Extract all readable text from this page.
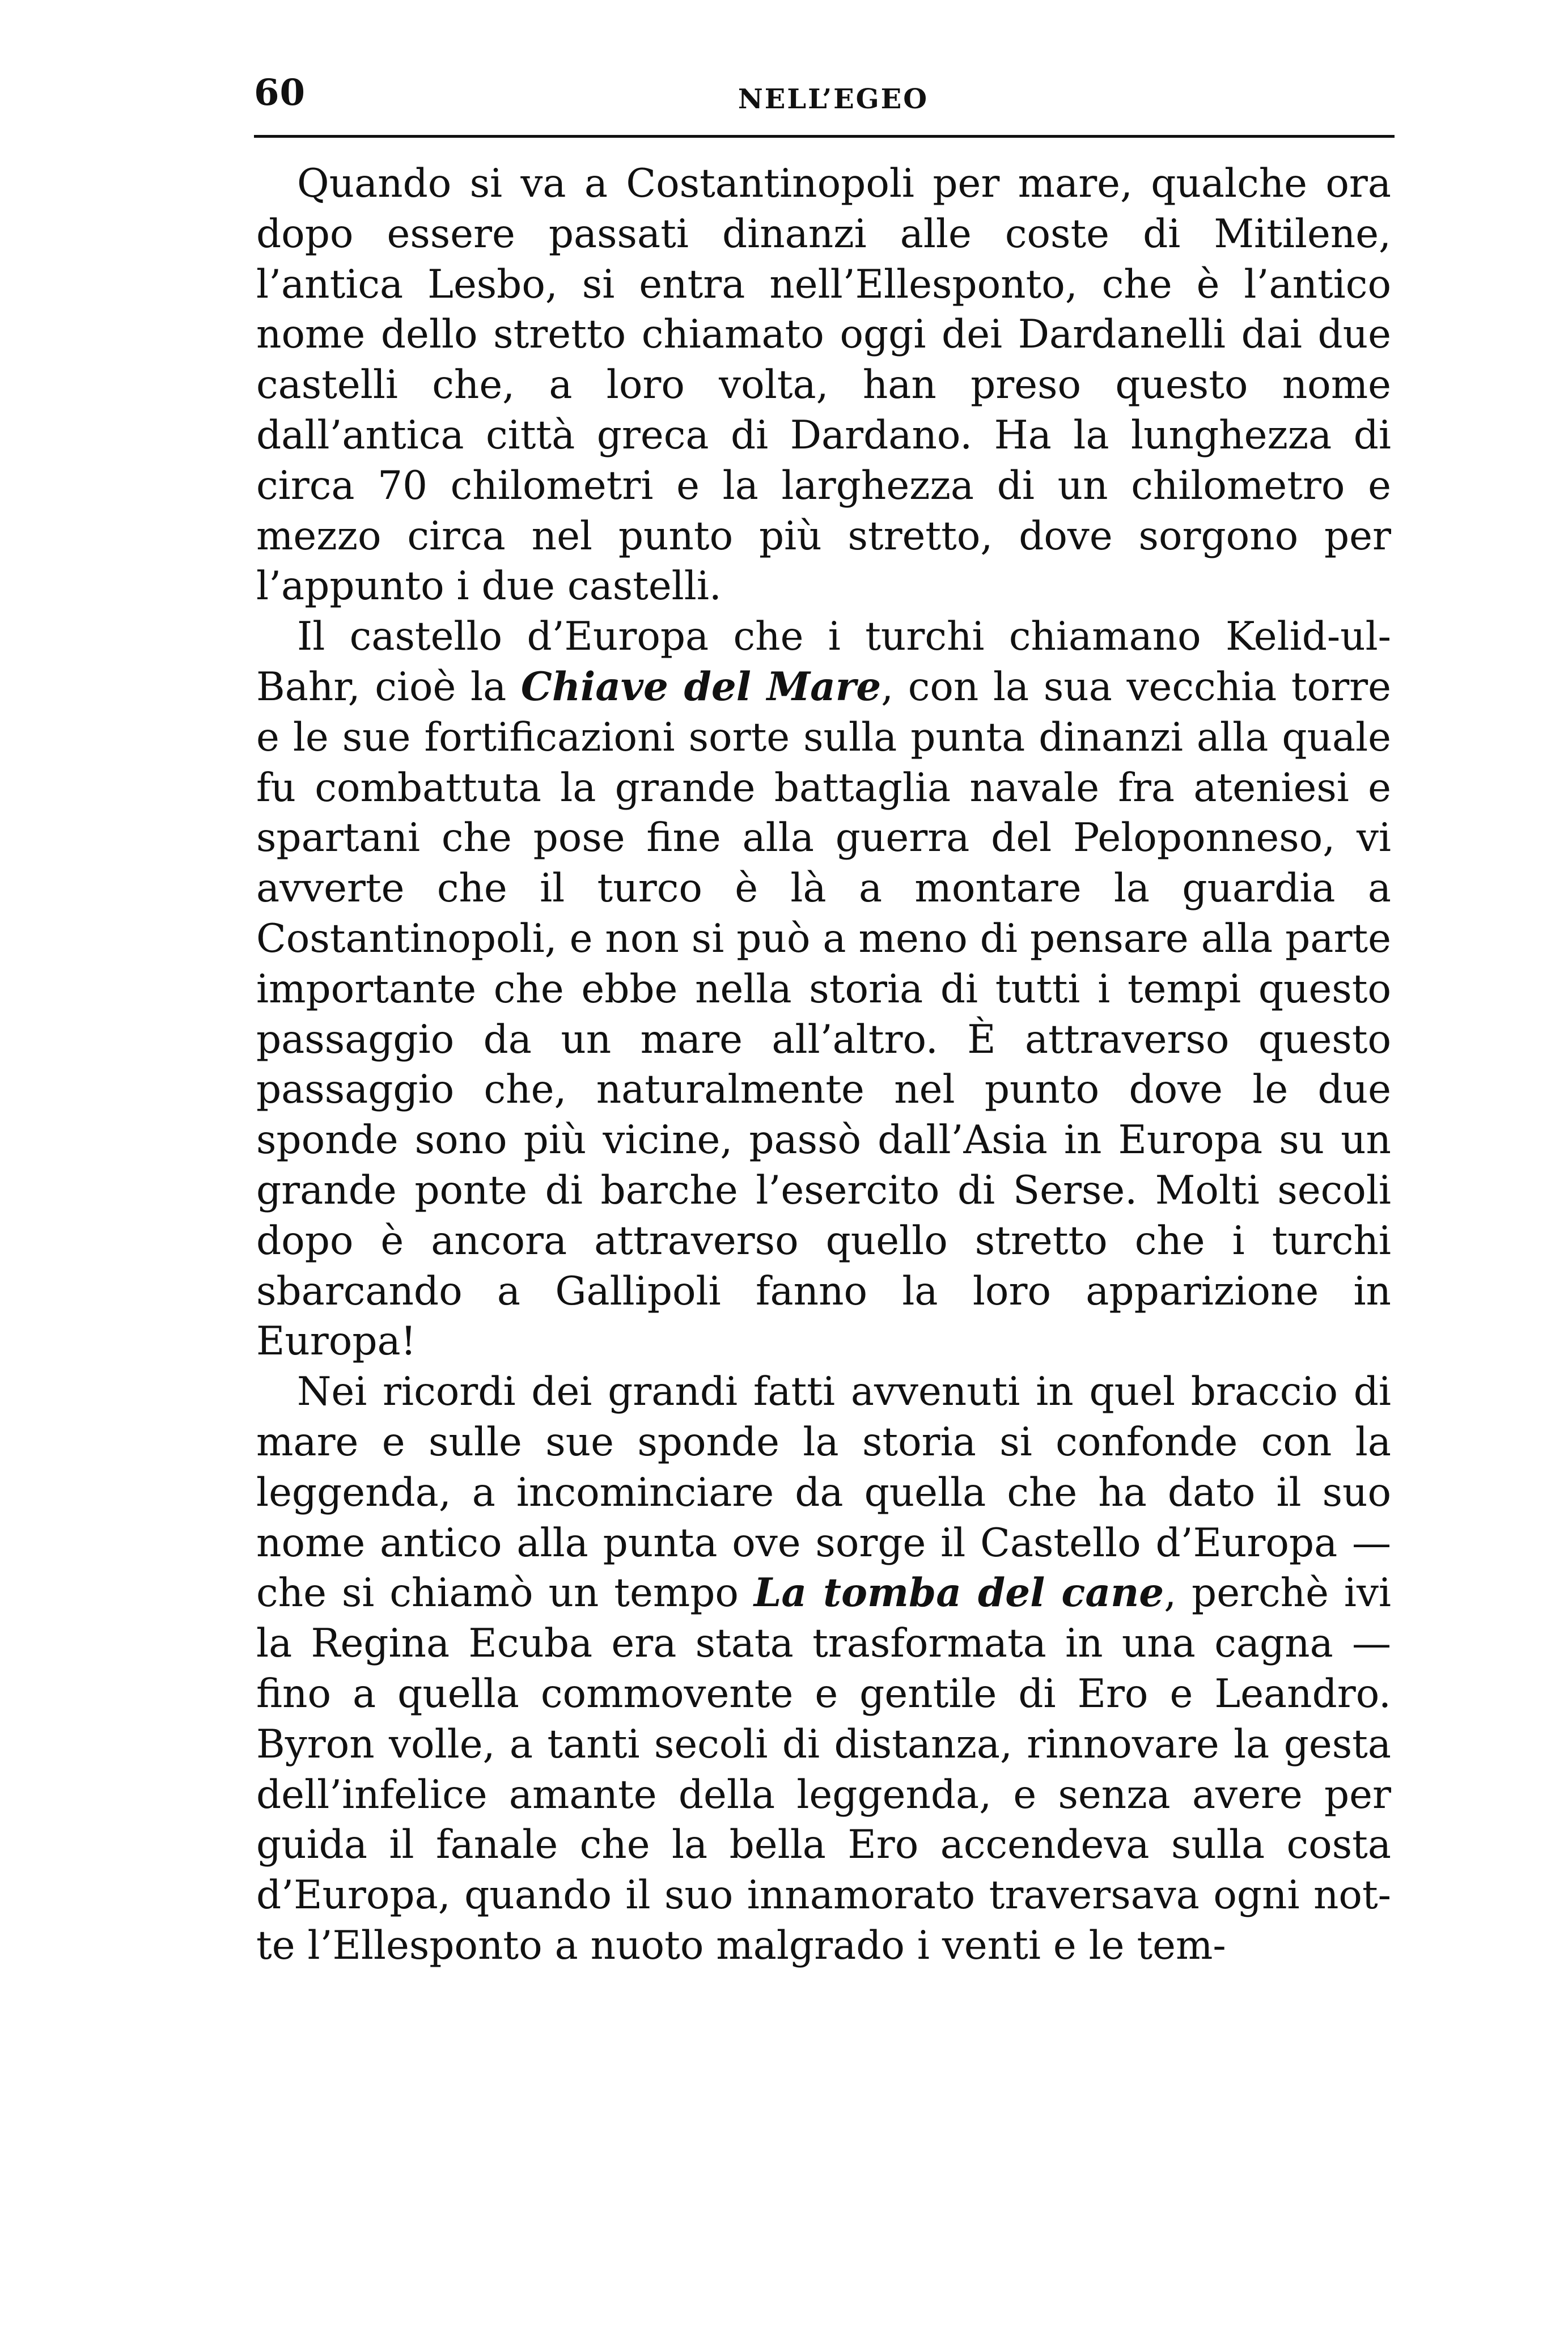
60	NELL’EGEO

Quando si va a Costantinopoli per mare, qualche ora dopo essere passati dinanzi alle coste di Mitilene, l’antica Lesbo, si entra nell’Ellesponto, che è l’antico nome dello stretto chiamato oggi dei Dardanelli dai due castelli che, a loro volta, han preso questo nome dall’antica città greca di Dardano. Ha la lunghezza di circa 70 chilometri e la larghezza di un chilometro e mezzo circa nel punto più stretto, dove sorgono per l’appunto i due castelli.

Il castello d’Europa che i turchi chiamano Kelid-ul-Bahr, cioè la Chiave del Mare, con la sua vecchia torre e le sue fortificazioni sorte sulla punta dinanzi alla quale fu combattuta la grande battaglia navale fra ateniesi e spartani che pose fine alla guerra del Peloponneso, vi avverte che il turco è là a montare la guardia a Costantinopoli, e non si può a meno di pensare alla parte importante che ebbe nella storia di tutti i tempi questo passaggio da un mare all’altro. È attraverso questo passaggio che, naturalmente nel punto dove le due sponde sono più vicine, passò dall’Asia in Europa su un grande ponte di barche l’esercito di Serse. Molti secoli dopo è ancora attraverso quello stretto che i turchi sbarcando a Gallipoli fanno la loro apparizione in Europa!

Nei ricordi dei grandi fatti avvenuti in quel braccio di mare e sulle sue sponde la storia si confonde con la leggenda, a incominciare da quella che ha dato il suo nome antico alla punta ove sorge il Castello d’Europa — che si chiamò un tempo La tomba del cane, perchè ivi la Regina Ecuba era stata trasformata in una cagna — fino a quella commovente e gentile di Ero e Leandro. Byron volle, a tanti secoli di distanza, rinnovare la gesta dell’infelice amante della leggenda, e senza avere per guida il fanale che la bella Ero accendeva sulla costa d’Europa, quando il suo innamorato traversava ogni notte l’Ellesponto a nuoto malgrado i venti e le tem-
